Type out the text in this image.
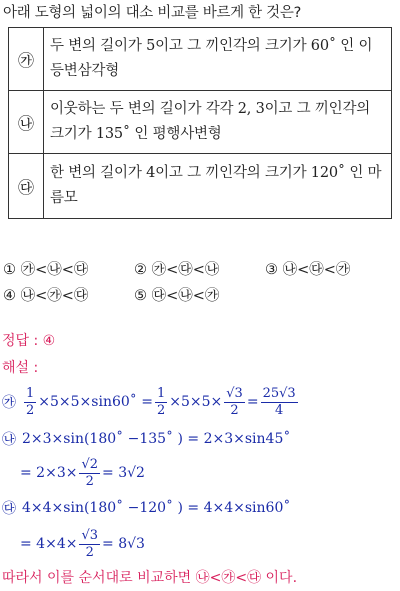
아래 도형의 넓이의 대소 비교를 바르게 한 것은?
㉮	두 변의 길이가 5이고 그 끼인각의 크기가 60˚ 인 이등변삼각형
㉯	이웃하는 두 변의 길이가 각각 2, 3이고 그 끼인각의 크기가 135˚ 인 평행사변형
㉰	한 변의 길이가 4이고 그 끼인각의 크기가 120˚ 인 마름모
① ㉮<㉯<㉰	② ㉮<㉰<㉯	③ ㉯<㉰<㉮
④ ㉯<㉮<㉰	⑤ ㉰<㉯<㉮
정답 : ④
해설 :
㉮ $\frac{1}{2}$ ×5×5×sin60˚ = $\frac{1}{2} \times 5\times 5\times \frac{√3}{2} = \frac{25√3}{4}$
㉯ 2×3×sin(180˚ −135˚ ) = 2×3×sin45˚
= $2\times 3\times \frac{√2}{2} = 3√2$
㉰ 4×4×sin(180˚ −120˚ ) = 4×4×sin60˚
= $4\times 4\times \frac{√3}{2} = 8√3$
따라서 이를 순서대로 비교하면 ㉯<㉮<㉰ 이다.
